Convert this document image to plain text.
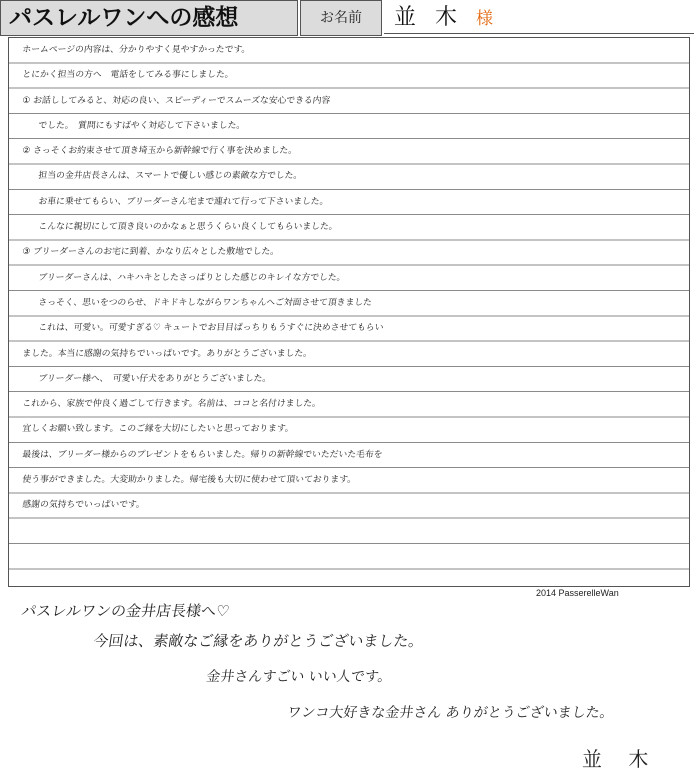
パスレルワンへの感想	お名前	並 木 様
ホームページの内容は、分かりやすく見やすかったです。
とにかく担当の方へ　電話をしてみる事にしました。
① お話ししてみると、対応の良い、スピーディーでスムーズな安心できる内容
でした。　質問にもすばやく対応して下さいました。
② さっそくお約束させて頂き埼玉から新幹線で行く事を決めました。
担当の金井店長さんは、スマートで優しい感じの素敵な方でした。
お車に乗せてもらい、ブリーダーさん宅まで連れて行って下さいました。
こんなに親切にして頂き良いのかなぁと思うくらい良くしてもらいました。
③ ブリーダーさんのお宅に到着、かなり広々とした敷地でした。
ブリーダーさんは、ハキハキとしたさっぱりとした感じのキレイな方でした。
さっそく、思いをつのらせ、ドキドキしながらワンちゃんへご対面させて頂きました
これは、可愛い。可愛すぎる♡ キュートでお目目ぱっちりもうすぐに決めさせてもらい
ました。本当に感謝の気持ちでいっぱいです。ありがとうございました。
ブリーダー様へ、　可愛い仔犬をありがとうございました。
これから、家族で仲良く過ごして行きます。名前は、ココと名付けました。
宜しくお願い致します。このご縁を大切にしたいと思っております。
最後は、ブリーダー様からのプレゼントをもらいました。帰りの新幹線でいただいた毛布を
使う事ができました。大変助かりました。帰宅後も大切に使わせて頂いております。
感謝の気持ちでいっぱいです。
2014 PasserelleWan
パスレルワンの金井店長様へ♡
今回は、素敵なご縁をありがとうございました。
金井さんすごい いい人です。
ワンコ大好きな金井さん ありがとうございました。
並 木
